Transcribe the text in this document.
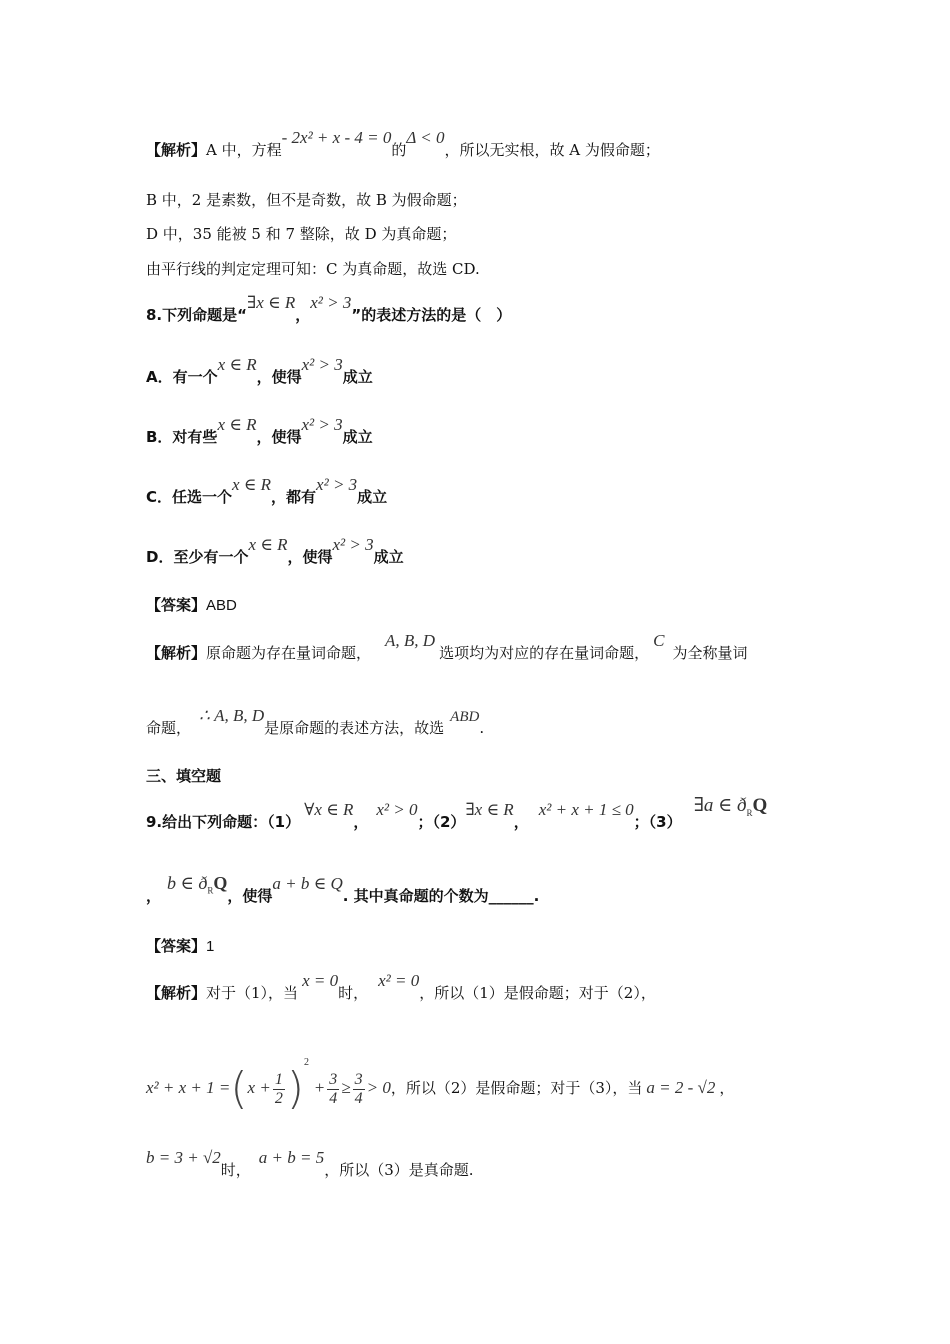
【解析】A 中，方程- 2x² + x - 4 = 0的Δ < 0，所以无实根，故 A 为假命题；
B 中，2 是素数，但不是奇数，故 B 为假命题；
D 中，35 能被 5 和 7 整除，故 D 为真命题；
由平行线的判定定理可知：C 为真命题，故选 CD.
8.下列命题是“∃x ∈ R，x² > 3”的表述方法的是（　）
A．有一个x ∈ R，使得x² > 3成立
B．对有些x ∈ R，使得x² > 3成立
C．任选一个x ∈ R，都有x² > 3成立
D．至少有一个x ∈ R，使得x² > 3成立
【答案】ABD
【解析】原命题为存在量词命题，A, B, D选项均为对应的存在量词命题，C为全称量词
命题，∴ A, B, D是原命题的表述方法，故选ABD.
三、填空题
9.给出下列命题：（1）∀x ∈ R，x² > 0；（2）∃x ∈ R，x² + x + 1 ≤ 0；（3）∃a ∈ $ð_RQ$
，b ∈ $ð_RQ$，使得a + b ∈ Q. 其中真命题的个数为______.
【答案】1
【解析】对于（1），当x = 0时，x² = 0，所以（1）是假命题；对于（2），
$x^2 + x + 1 =(x + \frac{1}{2} )^2 + \frac{3}{4} \ge \frac{3}{4} > 0$，所以（2）是假命题；对于（3），当 a = 2 - √2 ，
b = 3 + √2时，a + b = 5，所以（3）是真命题.
